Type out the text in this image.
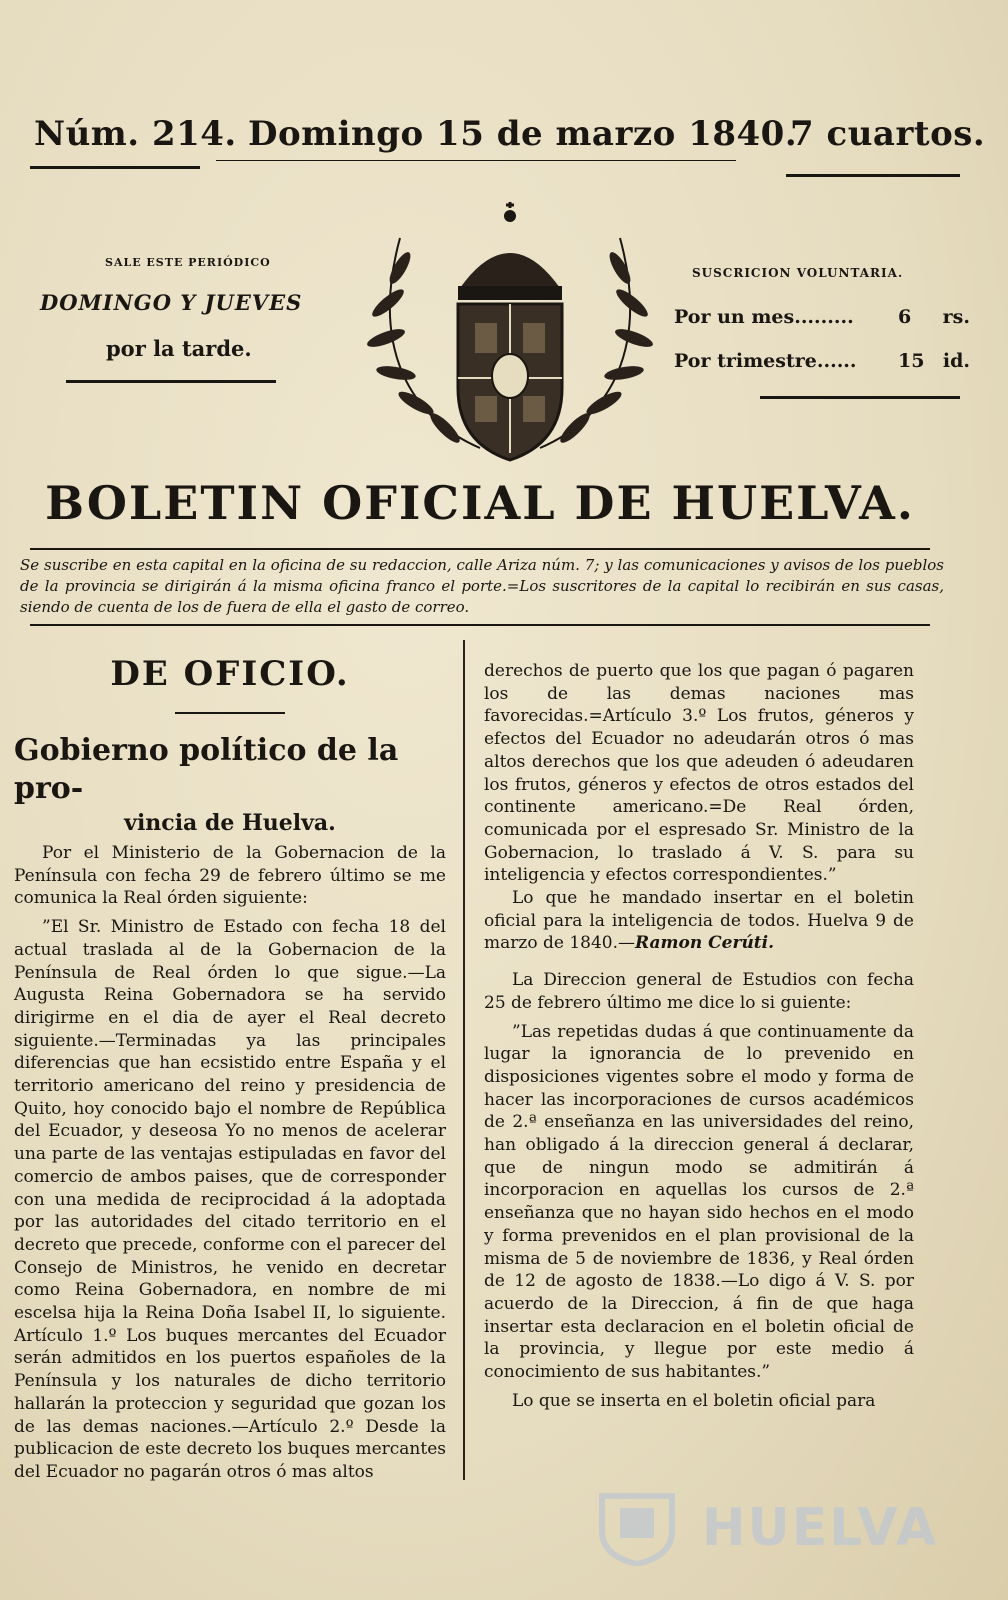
Núm. 214. Domingo 15 de marzo 1840.
7 cuartos.
SALE ESTE PERIÓDICO
DOMINGO Y JUEVES
por la tarde.
SUSCRICION VOLUNTARIA.
Por un mes......... 6 rs.
Por trimestre...... 15 id.
BOLETIN OFICIAL DE HUELVA.
Se suscribe en esta capital en la oficina de su redaccion, calle Ariza núm. 7; y las comunicaciones y avisos de los pueblos de la provincia se dirigirán á la misma oficina franco el porte.=Los suscritores de la capital lo recibirán en sus casas, siendo de cuenta de los de fuera de ella el gasto de correo.
DE OFICIO.
Gobierno político de la pro-
vincia de Huelva.

Por el Ministerio de la Gobernacion de la Península con fecha 29 de febrero último se me comunica la Real órden siguiente:

”El Sr. Ministro de Estado con fecha 18 del actual traslada al de la Gobernacion de la Península de Real órden lo que sigue.—La Augusta Reina Gobernadora se ha servido dirigirme en el dia de ayer el Real decreto siguiente.—Terminadas ya las principales diferencias que han ecsistido entre España y el territorio americano del reino y presidencia de Quito, hoy conocido bajo el nombre de República del Ecuador, y deseosa Yo no menos de acelerar una parte de las ventajas estipuladas en favor del comercio de ambos paises, que de corresponder con una medida de reciprocidad á la adoptada por las autoridades del citado territorio en el decreto que precede, conforme con el parecer del Consejo de Ministros, he venido en decretar como Reina Gobernadora, en nombre de mi escelsa hija la Reina Doña Isabel II, lo siguiente. Artículo 1.º Los buques mercantes del Ecuador serán admitidos en los puertos españoles de la Península y los naturales de dicho territorio hallarán la proteccion y seguridad que gozan los de las demas naciones.—Artículo 2.º Desde la publicacion de este decreto los buques mercantes del Ecuador no pagarán otros ó mas altos

derechos de puerto que los que pagan ó pagaren los de las demas naciones mas favorecidas.=Artículo 3.º Los frutos, géneros y efectos del Ecuador no adeudarán otros ó mas altos derechos que los que adeuden ó adeudaren los frutos, géneros y efectos de otros estados del continente americano.=De Real órden, comunicada por el espresado Sr. Ministro de la Gobernacion, lo traslado á V. S. para su inteligencia y efectos correspondientes.”

Lo que he mandado insertar en el boletin oficial para la inteligencia de todos. Huelva 9 de marzo de 1840.—Ramon Cerúti.

La Direccion general de Estudios con fecha 25 de febrero último me dice lo si guiente:

”Las repetidas dudas á que continuamente da lugar la ignorancia de lo prevenido en disposiciones vigentes sobre el modo y forma de hacer las incorporaciones de cursos académicos de 2.ª enseñanza en las universidades del reino, han obligado á la direccion general á declarar, que de ningun modo se admitirán á incorporacion en aquellas los cursos de 2.ª enseñanza que no hayan sido hechos en el modo y forma prevenidos en el plan provisional de la misma de 5 de noviembre de 1836, y Real órden de 12 de agosto de 1838.—Lo digo á V. S. por acuerdo de la Direccion, á fin de que haga insertar esta declaracion en el boletin oficial de la provincia, y llegue por este medio á conocimiento de sus habitantes.”

Lo que se inserta en el boletin oficial para

HUELVA
